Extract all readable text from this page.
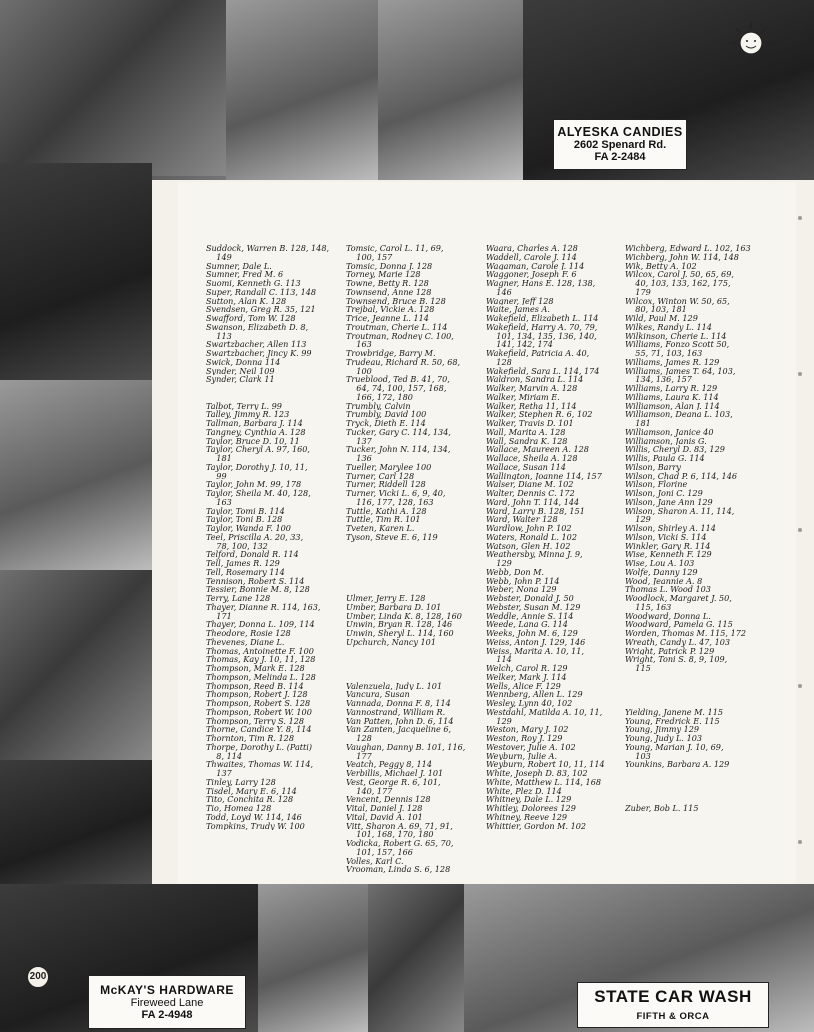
ALYESKA CANDIES
2602 Spenard Rd.
FA 2-2484
Suddock, Warren B. 128, 148,
149
Sumner, Dale L.
Sumner, Fred M. 6
Suomi, Kenneth G. 113
Super, Randall C. 113, 148
Sutton, Alan K. 128
Svendsen, Greg R. 35, 121
Swafford, Tom W. 128
Swanson, Elizabeth D. 8,
113
Swartzbacher, Allen 113
Swartzbacher, Jincy K. 99
Swick, Donna 114
Synder, Neil 109
Synder, Clark 11
Talbot, Terry L. 99
Talley, Jimmy R. 123
Tallman, Barbara J. 114
Tangney, Cynthia A. 128
Taylor, Bruce D. 10, 11
Taylor, Cheryl A. 97, 160,
181
Taylor, Dorothy J. 10, 11,
99
Taylor, John M. 99, 178
Taylor, Sheila M. 40, 128,
163
Taylor, Tomi B. 114
Taylor, Toni B. 128
Taylor, Wanda F. 100
Teel, Priscilla A. 20, 33,
78, 100, 132
Telford, Donald R. 114
Tell, James R. 129
Tell, Rosemary 114
Tennison, Robert S. 114
Tessier, Bonnie M. 8, 128
Terry, Lane 128
Thayer, Dianne R. 114, 163,
171
Thayer, Donna L. 109, 114
Theodore, Rosie 128
Thevenes, Diane L.
Thomas, Antoinette F. 100
Thomas, Kay J. 10, 11, 128
Thompson, Mark E. 128
Thompson, Melinda L. 128
Thompson, Reed B. 114
Thompson, Robert J. 128
Thompson, Robert S. 128
Thompson, Robert W. 100
Thompson, Terry S. 128
Thorne, Candice Y. 8, 114
Thornton, Tim R. 128
Thorpe, Dorothy L. (Patti)
8, 114
Thwaites, Thomas W. 114,
137
Tinley, Larry 128
Tisdel, Mary E. 6, 114
Tito, Conchita R. 128
Tio, Homea 128
Todd, Loyd W. 114, 146
Tompkins, Trudy W. 100
Tomsic, Carol L. 11, 69,
100, 157
Tomsic, Donna J. 128
Torney, Marie 128
Towne, Betty R. 128
Townsend, Anne 128
Townsend, Bruce B. 128
Trejbal, Vickie A. 128
Trice, Jeanne L. 114
Troutman, Cherie L. 114
Troutman, Rodney C. 100,
163
Trowbridge, Barry M.
Trudeau, Richard R. 50, 68,
100
Trueblood, Ted B. 41, 70,
64, 74, 100, 157, 168,
166, 172, 180
Trumbly, Calvin
Trumbly, David 100
Tryck, Dieth E. 114
Tucker, Gary C. 114, 134,
137
Tucker, John N. 114, 134,
136
Tueller, Marylee 100
Turner, Carl 128
Turner, Riddell 128
Turner, Vicki L. 6, 9, 40,
116, 177, 128, 163
Tuttle, Kathi A. 128
Tuttle, Tim R. 101
Tveten, Karen L.
Tyson, Steve E. 6, 119
Ulmer, Jerry E. 128
Umber, Barbara D. 101
Umber, Linda K. 8, 128, 160
Unwin, Bryan R. 128, 146
Unwin, Sheryl L. 114, 160
Upchurch, Nancy 101
Valenzuela, Judy L. 101
Vancura, Susan
Vannada, Donna F. 8, 114
Vannostrand, William R.
Van Patten, John D. 6, 114
Van Zanten, Jacqueline 6,
128
Vaughan, Danny B. 101, 116,
177
Veatch, Peggy 8, 114
Verbillis, Michael J. 101
Vest, George R. 6, 101,
140, 177
Vencent, Dennis 128
Vital, Daniel J. 128
Vital, David A. 101
Vitt, Sharon A. 69, 71, 91,
101, 168, 170, 180
Vodicka, Robert G. 65, 70,
101, 157, 166
Volles, Karl C.
Vrooman, Linda S. 6, 128
Waara, Charles A. 128
Waddell, Carole J. 114
Wagaman, Carole J. 114
Waggoner, Joseph F. 6
Wagner, Hans E. 128, 138,
146
Wagner, Jeff 128
Waite, James A.
Wakefield, Elizabeth L. 114
Wakefield, Harry A. 70, 79,
101, 134, 135, 136, 140,
141, 142, 174
Wakefield, Patricia A. 40,
128
Wakefield, Sara L. 114, 174
Waldron, Sandra L. 114
Walker, Marvin A. 128
Walker, Miriam E.
Walker, Retha 11, 114
Walker, Stephen R. 6, 102
Walker, Travis D. 101
Wall, Marita A. 128
Wall, Sandra K. 128
Wallace, Maureen A. 128
Wallace, Sheila A. 128
Wallace, Susan 114
Wallington, Joanne 114, 157
Walser, Diane M. 102
Walter, Dennis C. 172
Ward, John T. 114, 144
Ward, Larry B. 128, 151
Ward, Walter 128
Wardlow, John P. 102
Waters, Ronald L. 102
Watson, Glen H. 102
Weathersby, Minna J. 9,
129
Webb, Don M.
Webb, John P. 114
Weber, Nona 129
Webster, Donald J. 50
Webster, Susan M. 129
Weddle, Annie S. 114
Weede, Lana G. 114
Weeks, John M. 6, 129
Weiss, Anton J. 129, 146
Weiss, Marita A. 10, 11,
114
Welch, Carol R. 129
Welker, Mark J. 114
Wells, Alice F. 129
Wennberg, Allen L. 129
Wesley, Lynn 40, 102
Westdahl, Matilda A. 10, 11,
129
Weston, Mary J. 102
Weston, Roy J. 129
Westover, Julie A. 102
Weyburn, Julie A.
Weyburn, Robert 10, 11, 114
White, Joseph D. 83, 102
White, Matthew L. 114, 168
White, Plez D. 114
Whitney, Dale L. 129
Whitley, Dolorees 129
Whitney, Reeve 129
Whittier, Gordon M. 102
Wichberg, Edward L. 102, 163
Wichberg, John W. 114, 148
Wik, Betty A. 102
Wilcox, Carol J. 50, 65, 69,
40, 103, 133, 162, 175,
179
Wilcox, Winton W. 50, 65,
80, 103, 181
Wild, Paul M. 129
Wilkes, Randy L. 114
Wilkinson, Cherie L. 114
Williams, Fonzo Scott 50,
55, 71, 103, 163
Williams, James R. 129
Williams, James T. 64, 103,
134, 136, 157
Williams, Larry R. 129
Williams, Laura K. 114
Williamson, Alan J. 114
Williamson, Deana L. 103,
181
Williamson, Janice 40
Williamson, Janis G.
Willis, Cheryl D. 83, 129
Willis, Paula G. 114
Wilson, Barry
Wilson, Chad P. 6, 114, 146
Wilson, Florine
Wilson, Joni C. 129
Wilson, Jane Ann 129
Wilson, Sharon A. 11, 114,
129
Wilson, Shirley A. 114
Wilson, Vicki S. 114
Winkler, Gary R. 114
Wise, Kenneth F. 129
Wise, Lou A. 103
Wolfe, Danny 129
Wood, Jeannie A. 8
Thomas L. Wood 103
Woodlock, Margaret J. 50,
115, 163
Woodward, Donna L.
Woodward, Pamela G. 115
Worden, Thomas M. 115, 172
Wreath, Candy L. 47, 103
Wright, Patrick P. 129
Wright, Toni S. 8, 9, 109,
115
Yielding, Janene M. 115
Young, Fredrick E. 115
Young, Jimmy 129
Young, Judy L. 103
Young, Marian J. 10, 69,
103
Younkins, Barbara A. 129
Zuber, Bob L. 115
200
McKAY'S HARDWARE
Fireweed Lane
FA 2-4948
STATE CAR WASH
FIFTH & ORCA
